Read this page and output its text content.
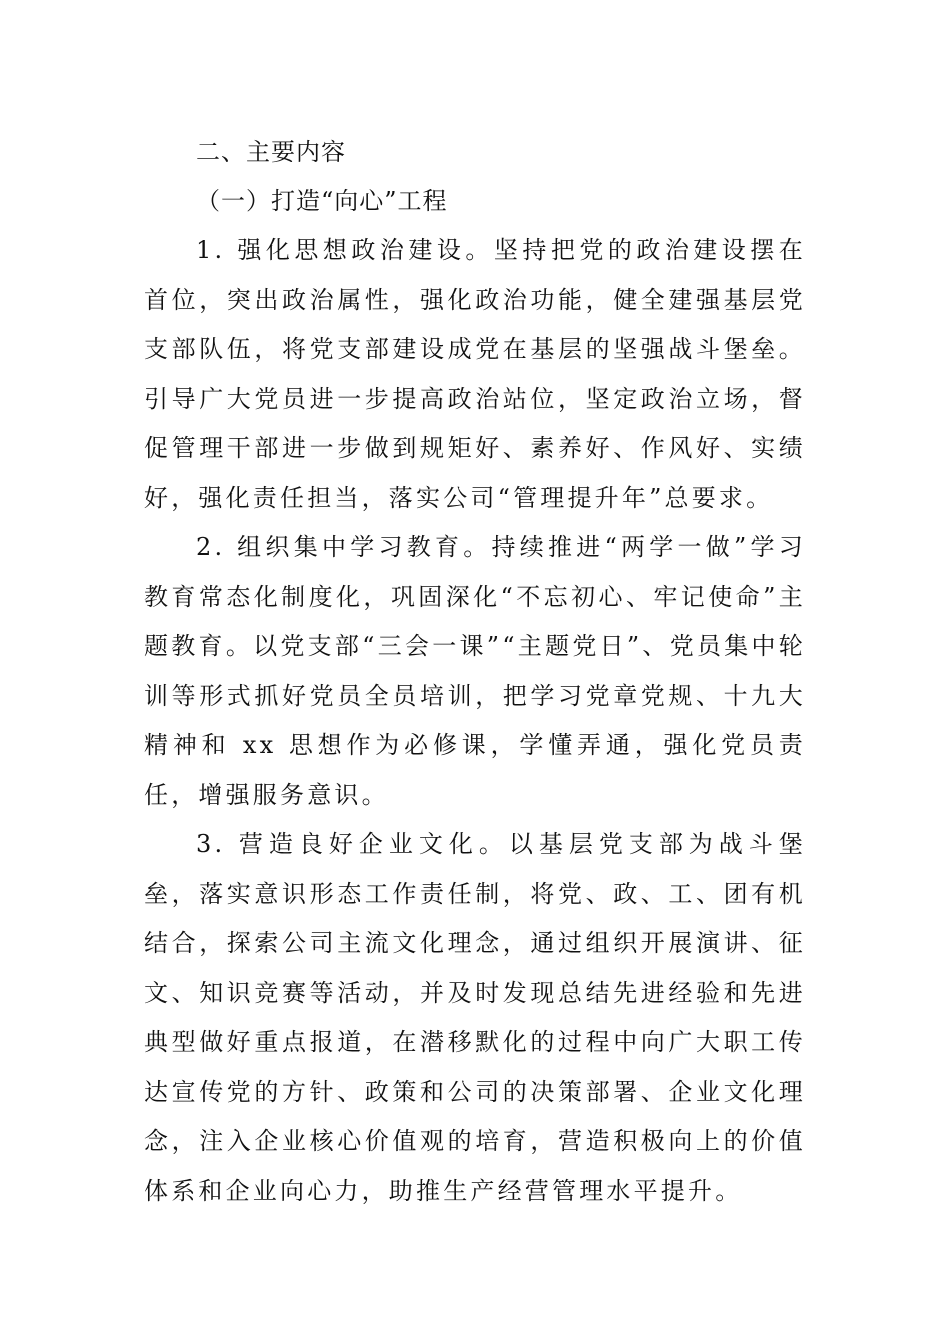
二、主要内容

（一）打造“向心”工程

1. 强化思想政治建设。坚持把党的政治建设摆在首位，突出政治属性，强化政治功能，健全建强基层党支部队伍，将党支部建设成党在基层的坚强战斗堡垒。引导广大党员进一步提高政治站位，坚定政治立场，督促管理干部进一步做到规矩好、素养好、作风好、实绩好，强化责任担当，落实公司“管理提升年”总要求。

2. 组织集中学习教育。持续推进“两学一做”学习教育常态化制度化，巩固深化“不忘初心、牢记使命”主题教育。以党支部“三会一课”“主题党日”、党员集中轮训等形式抓好党员全员培训，把学习党章党规、十九大精神和 xx 思想作为必修课，学懂弄通，强化党员责任，增强服务意识。

3. 营造良好企业文化。以基层党支部为战斗堡垒，落实意识形态工作责任制，将党、政、工、团有机结合，探索公司主流文化理念，通过组织开展演讲、征文、知识竞赛等活动，并及时发现总结先进经验和先进典型做好重点报道，在潜移默化的过程中向广大职工传达宣传党的方针、政策和公司的决策部署、企业文化理念，注入企业核心价值观的培育，营造积极向上的价值体系和企业向心力，助推生产经营管理水平提升。
